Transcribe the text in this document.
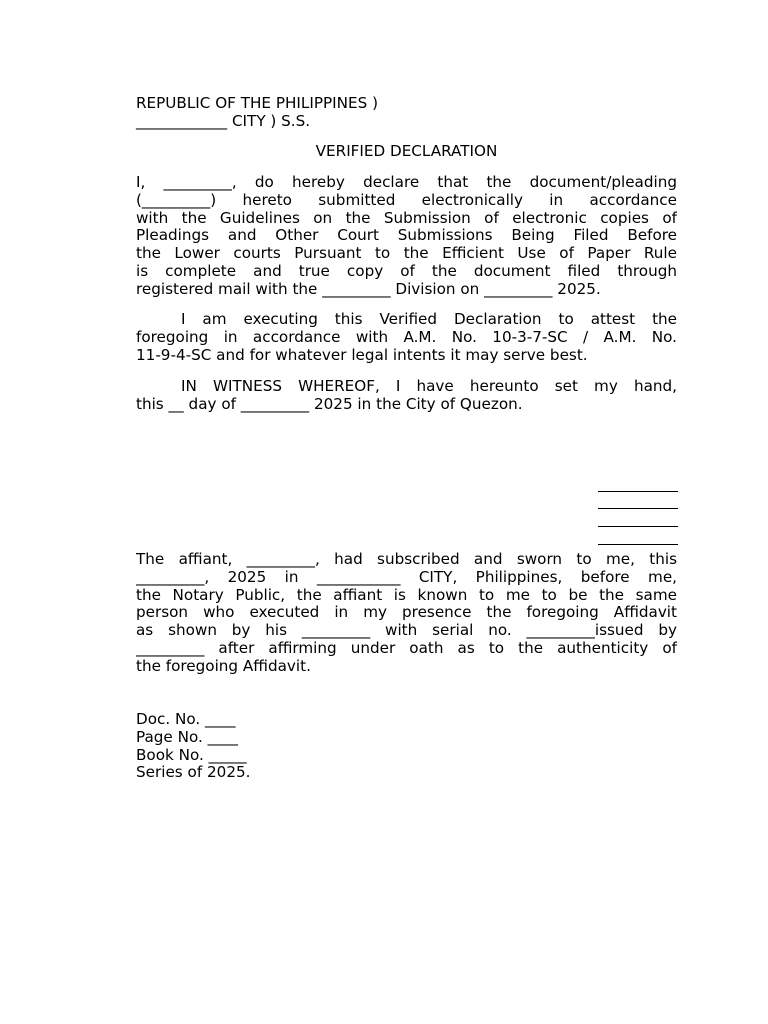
REPUBLIC OF THE PHILIPPINES )
____________ CITY ) S.S.
VERIFIED DECLARATION
I, _________, do hereby declare that the document/pleading
(_________) hereto submitted electronically in accordance
with the Guidelines on the Submission of electronic copies of
Pleadings and Other Court Submissions Being Filed Before
the Lower courts Pursuant to the Efficient Use of Paper Rule
is complete and true copy of the document filed through
registered mail with the _________ Division on _________ 2025.
I am executing this Verified Declaration to attest the
foregoing in accordance with A.M. No. 10-3-7-SC / A.M. No.
11-9-4-SC and for whatever legal intents it may serve best.
IN WITNESS WHEREOF, I have hereunto set my hand,
this __ day of _________ 2025 in the City of Quezon.
The affiant, _________, had subscribed and sworn to me, this
_________, 2025 in ___________ CITY, Philippines, before me,
the Notary Public, the affiant is known to me to be the same
person who executed in my presence the foregoing Affidavit
as shown by his _________ with serial no. _________issued by
_________ after affirming under oath as to the authenticity of
the foregoing Affidavit.
Doc. No. ____
Page No. ____
Book No. _____
Series of 2025.
